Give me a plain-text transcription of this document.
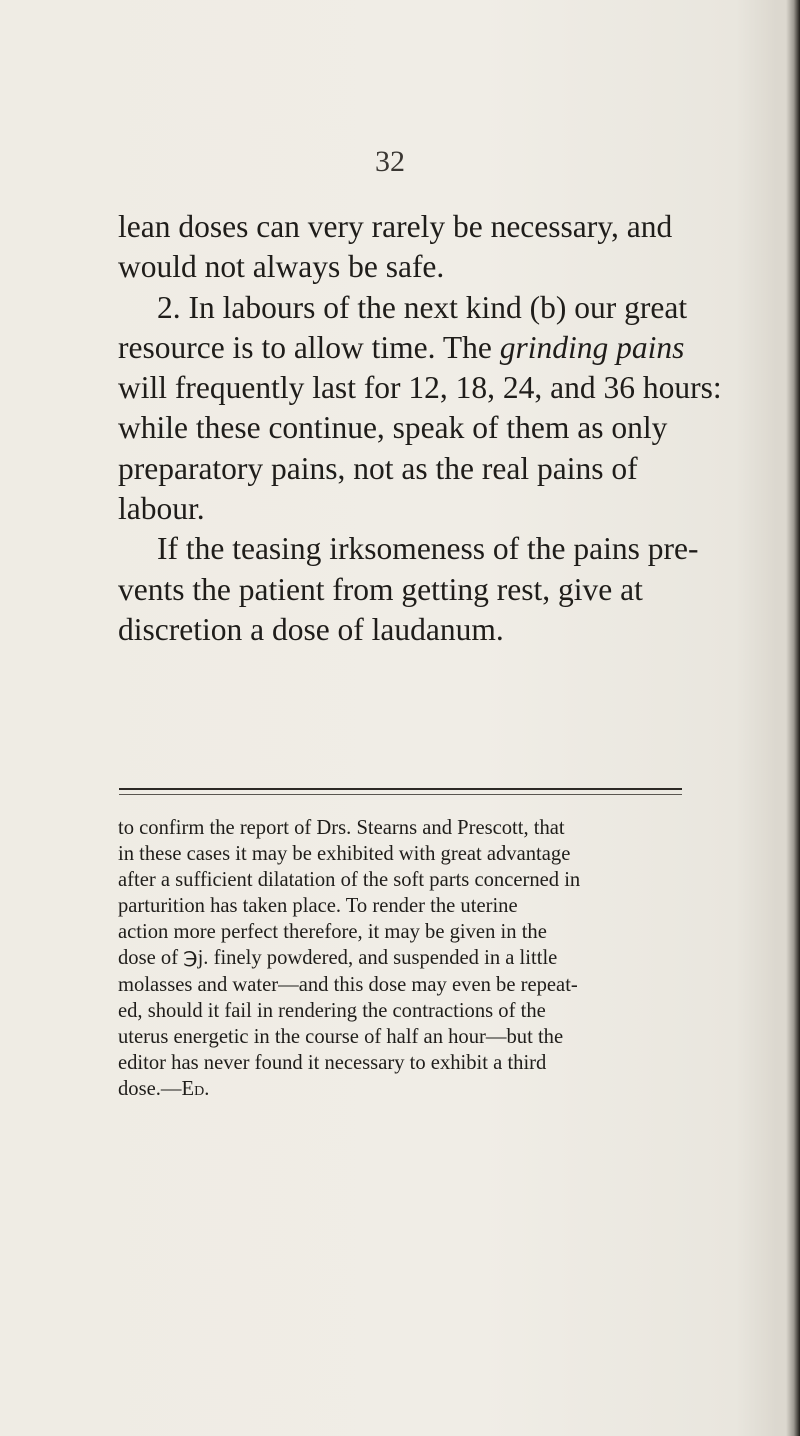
32

lean doses can very rarely be necessary, and
would not always be safe.

2. In labours of the next kind (b) our great
resource is to allow time. The grinding pains
will frequently last for 12, 18, 24, and 36 hours:
while these continue, speak of them as only
preparatory pains, not as the real pains of
labour.

If the teasing irksomeness of the pains pre-
vents the patient from getting rest, give at
discretion a dose of laudanum.

to confirm the report of Drs. Stearns and Prescott, that
in these cases it may be exhibited with great advantage
after a sufficient dilatation of the soft parts concerned in
parturition has taken place. To render the uterine
action more perfect therefore, it may be given in the
dose of ℈j. finely powdered, and suspended in a little
molasses and water—and this dose may even be repeat-
ed, should it fail in rendering the contractions of the
uterus energetic in the course of half an hour—but the
editor has never found it necessary to exhibit a third
dose.—Ed.
